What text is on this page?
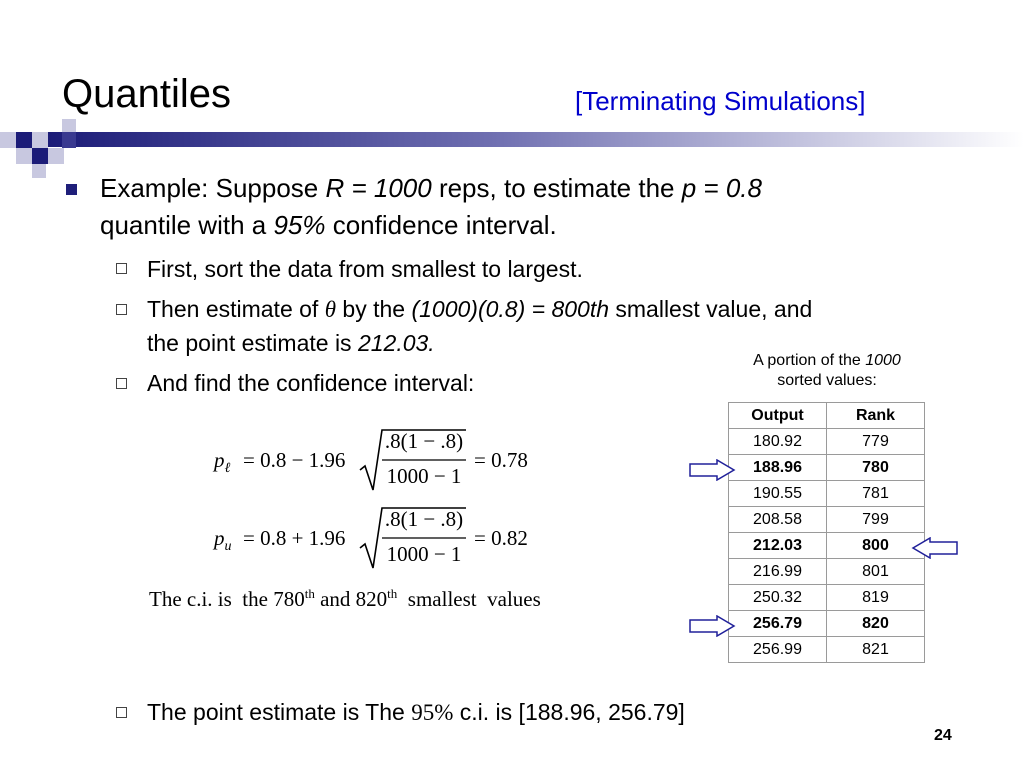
Quantiles	[Terminating Simulations]
Example: Suppose R = 1000 reps, to estimate the p = 0.8
quantile with a 95% confidence interval.
First, sort the data from smallest to largest.
Then estimate of θ by the (1000)(0.8) = 800th smallest value, and
the point estimate is 212.03.
And find the confidence interval:
$p_\ell = 0.8 - 1.96$
.8(1 − .8)
1000 − 1
= 0.78
$p_u = 0.8 + 1.96$
.8(1 − .8)
1000 − 1
= 0.82
The c.i. is  the 780th and 820th  smallest  values
The point estimate is The 95% c.i. is [188.96, 256.79]
A portion of the 1000
sorted values:
Output	Rank
180.92	779
188.96	780
190.55	781
208.58	799
212.03	800
216.99	801
250.32	819
256.79	820
256.99	821
24
